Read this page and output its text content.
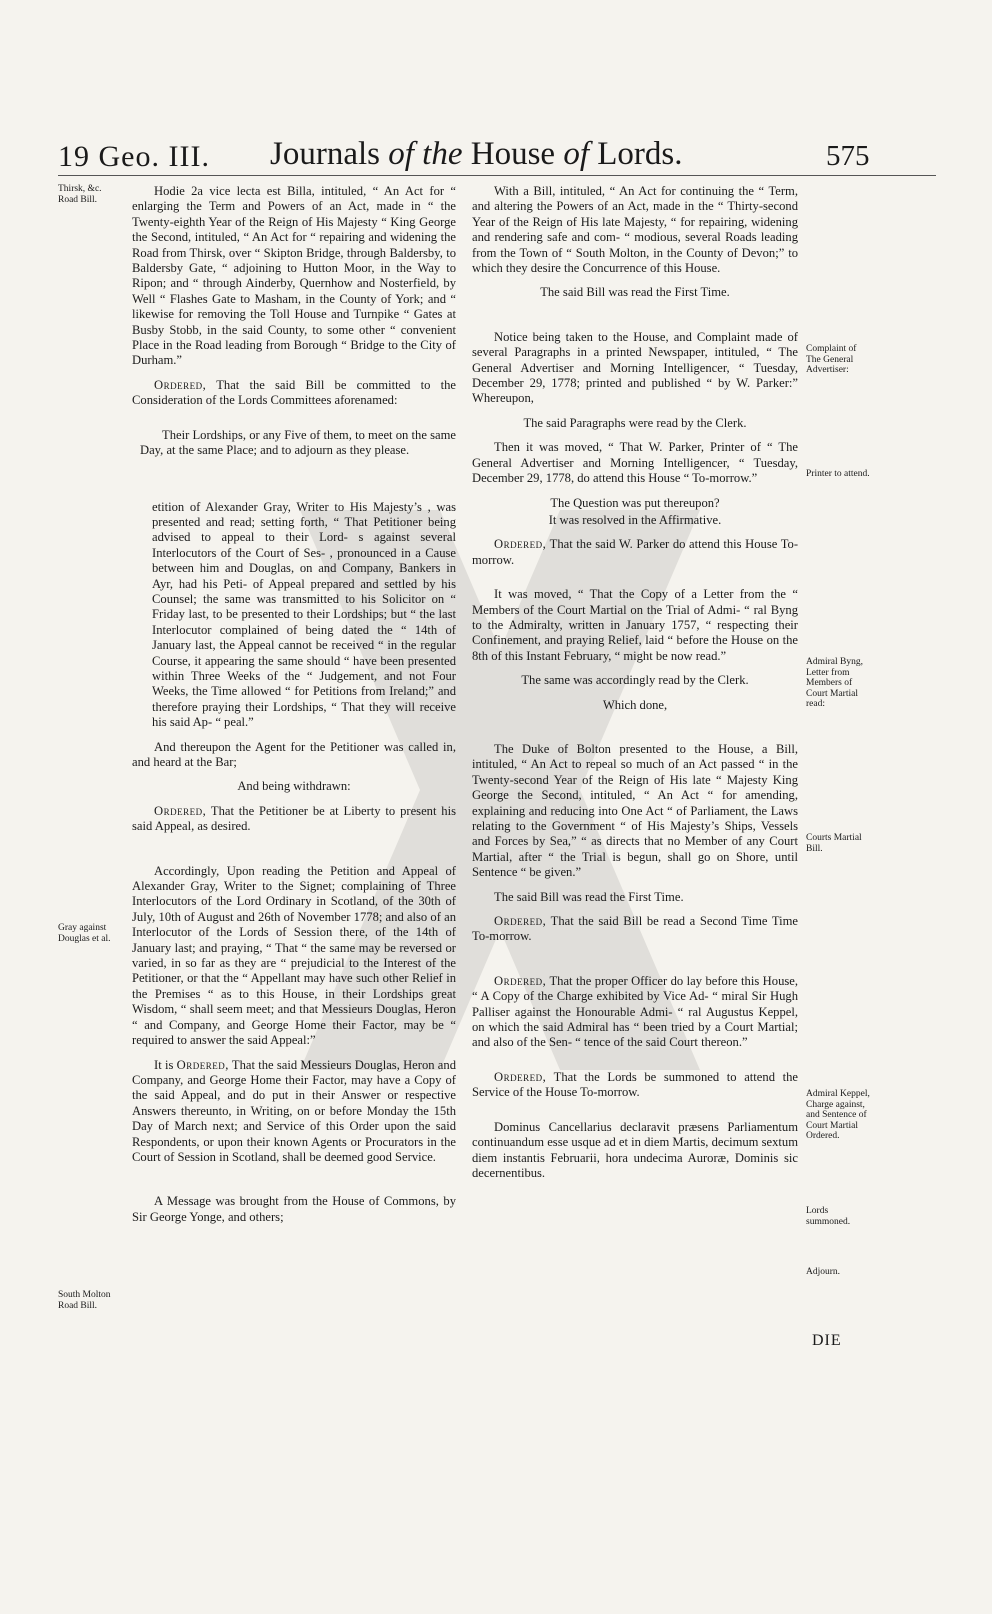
19 Geo. III. Journals of the House of Lords.	575
Thirsk, &c. Road Bill.
Gray against Douglas et al.
South Molton Road Bill.
Complaint of The General Advertiser:
Printer to attend.
Admiral Byng, Letter from Members of Court Martial read:
Courts Martial Bill.
Admiral Keppel, Charge against, and Sentence of Court Martial Ordered.
Lords summoned.
Adjourn.

Hodie 2a vice lecta est Billa, intituled, “ An Act for “ enlarging the Term and Powers of an Act, made in “ the Twenty-eighth Year of the Reign of His Majesty “ King George the Second, intituled, “ An Act for “ repairing and widening the Road from Thirsk, over “ Skipton Bridge, through Baldersby, to Baldersby Gate, “ adjoining to Hutton Moor, in the Way to Ripon; and “ through Ainderby, Quernhow and Nosterfield, by Well “ Flashes Gate to Masham, in the County of York; and “ likewise for removing the Toll House and Turnpike “ Gates at Busby Stobb, in the said County, to some other “ convenient Place in the Road leading from Borough “ Bridge to the City of Durham.”

Ordered, That the said Bill be committed to the Consideration of the Lords Committees aforenamed:

Their Lordships, or any Five of them, to meet on the same Day, at the same Place; and to adjourn as they please.

etition of Alexander Gray, Writer to His Majesty’s , was presented and read; setting forth, “ That Petitioner being advised to appeal to their Lord- s against several Interlocutors of the Court of Ses- , pronounced in a Cause between him and Douglas, on and Company, Bankers in Ayr, had his Peti- of Appeal prepared and settled by his Counsel; the same was transmitted to his Solicitor on “ Friday last, to be presented to their Lordships; but “ the last Interlocutor complained of being dated the “ 14th of January last, the Appeal cannot be received “ in the regular Course, it appearing the same should “ have been presented within Three Weeks of the “ Judgement, and not Four Weeks, the Time allowed “ for Petitions from Ireland;” and therefore praying their Lordships, “ That they will receive his said Ap- “ peal.”

And thereupon the Agent for the Petitioner was called in, and heard at the Bar;

And being withdrawn:

Ordered, That the Petitioner be at Liberty to present his said Appeal, as desired.

Accordingly, Upon reading the Petition and Appeal of Alexander Gray, Writer to the Signet; complaining of Three Interlocutors of the Lord Ordinary in Scotland, of the 30th of July, 10th of August and 26th of November 1778; and also of an Interlocutor of the Lords of Session there, of the 14th of January last; and praying, “ That “ the same may be reversed or varied, in so far as they are “ prejudicial to the Interest of the Petitioner, or that the “ Appellant may have such other Relief in the Premises “ as to this House, in their Lordships great Wisdom, “ shall seem meet; and that Messieurs Douglas, Heron “ and Company, and George Home their Factor, may be “ required to answer the said Appeal:”

It is Ordered, That the said Messieurs Douglas, Heron and Company, and George Home their Factor, may have a Copy of the said Appeal, and do put in their Answer or respective Answers thereunto, in Writing, on or before Monday the 15th Day of March next; and Service of this Order upon the said Respondents, or upon their known Agents or Procurators in the Court of Session in Scotland, shall be deemed good Service.

A Message was brought from the House of Commons, by Sir George Yonge, and others;

With a Bill, intituled, “ An Act for continuing the “ Term, and altering the Powers of an Act, made in the “ Thirty-second Year of the Reign of His late Majesty, “ for repairing, widening and rendering safe and com- “ modious, several Roads leading from the Town of “ South Molton, in the County of Devon;” to which they desire the Concurrence of this House.

The said Bill was read the First Time.

Notice being taken to the House, and Complaint made of several Paragraphs in a printed Newspaper, intituled, “ The General Advertiser and Morning Intelligencer, “ Tuesday, December 29, 1778; printed and published “ by W. Parker:” Whereupon,

The said Paragraphs were read by the Clerk.

Then it was moved, “ That W. Parker, Printer of “ The General Advertiser and Morning Intelligencer, “ Tuesday, December 29, 1778, do attend this House “ To-morrow.”

The Question was put thereupon?

It was resolved in the Affirmative.

Ordered, That the said W. Parker do attend this House To-morrow.

It was moved, “ That the Copy of a Letter from the “ Members of the Court Martial on the Trial of Admi- “ ral Byng to the Admiralty, written in January 1757, “ respecting their Confinement, and praying Relief, laid “ before the House on the 8th of this Instant February, “ might be now read.”

The same was accordingly read by the Clerk.

Which done,

The Duke of Bolton presented to the House, a Bill, intituled, “ An Act to repeal so much of an Act passed “ in the Twenty-second Year of the Reign of His late “ Majesty King George the Second, intituled, “ An Act “ for amending, explaining and reducing into One Act “ of Parliament, the Laws relating to the Government “ of His Majesty’s Ships, Vessels and Forces by Sea,” “ as directs that no Member of any Court Martial, after “ the Trial is begun, shall go on Shore, until Sentence “ be given.”

The said Bill was read the First Time.

Ordered, That the said Bill be read a Second Time Time To-morrow.

Ordered, That the proper Officer do lay before this House, “ A Copy of the Charge exhibited by Vice Ad- “ miral Sir Hugh Palliser against the Honourable Admi- “ ral Augustus Keppel, on which the said Admiral has “ been tried by a Court Martial; and also of the Sen- “ tence of the said Court thereon.”

Ordered, That the Lords be summoned to attend the Service of the House To-morrow.

Dominus Cancellarius declaravit præsens Parliamentum continuandum esse usque ad et in diem Martis, decimum sextum diem instantis Februarii, hora undecima Auroræ, Dominis sic decernentibus.

DIE
